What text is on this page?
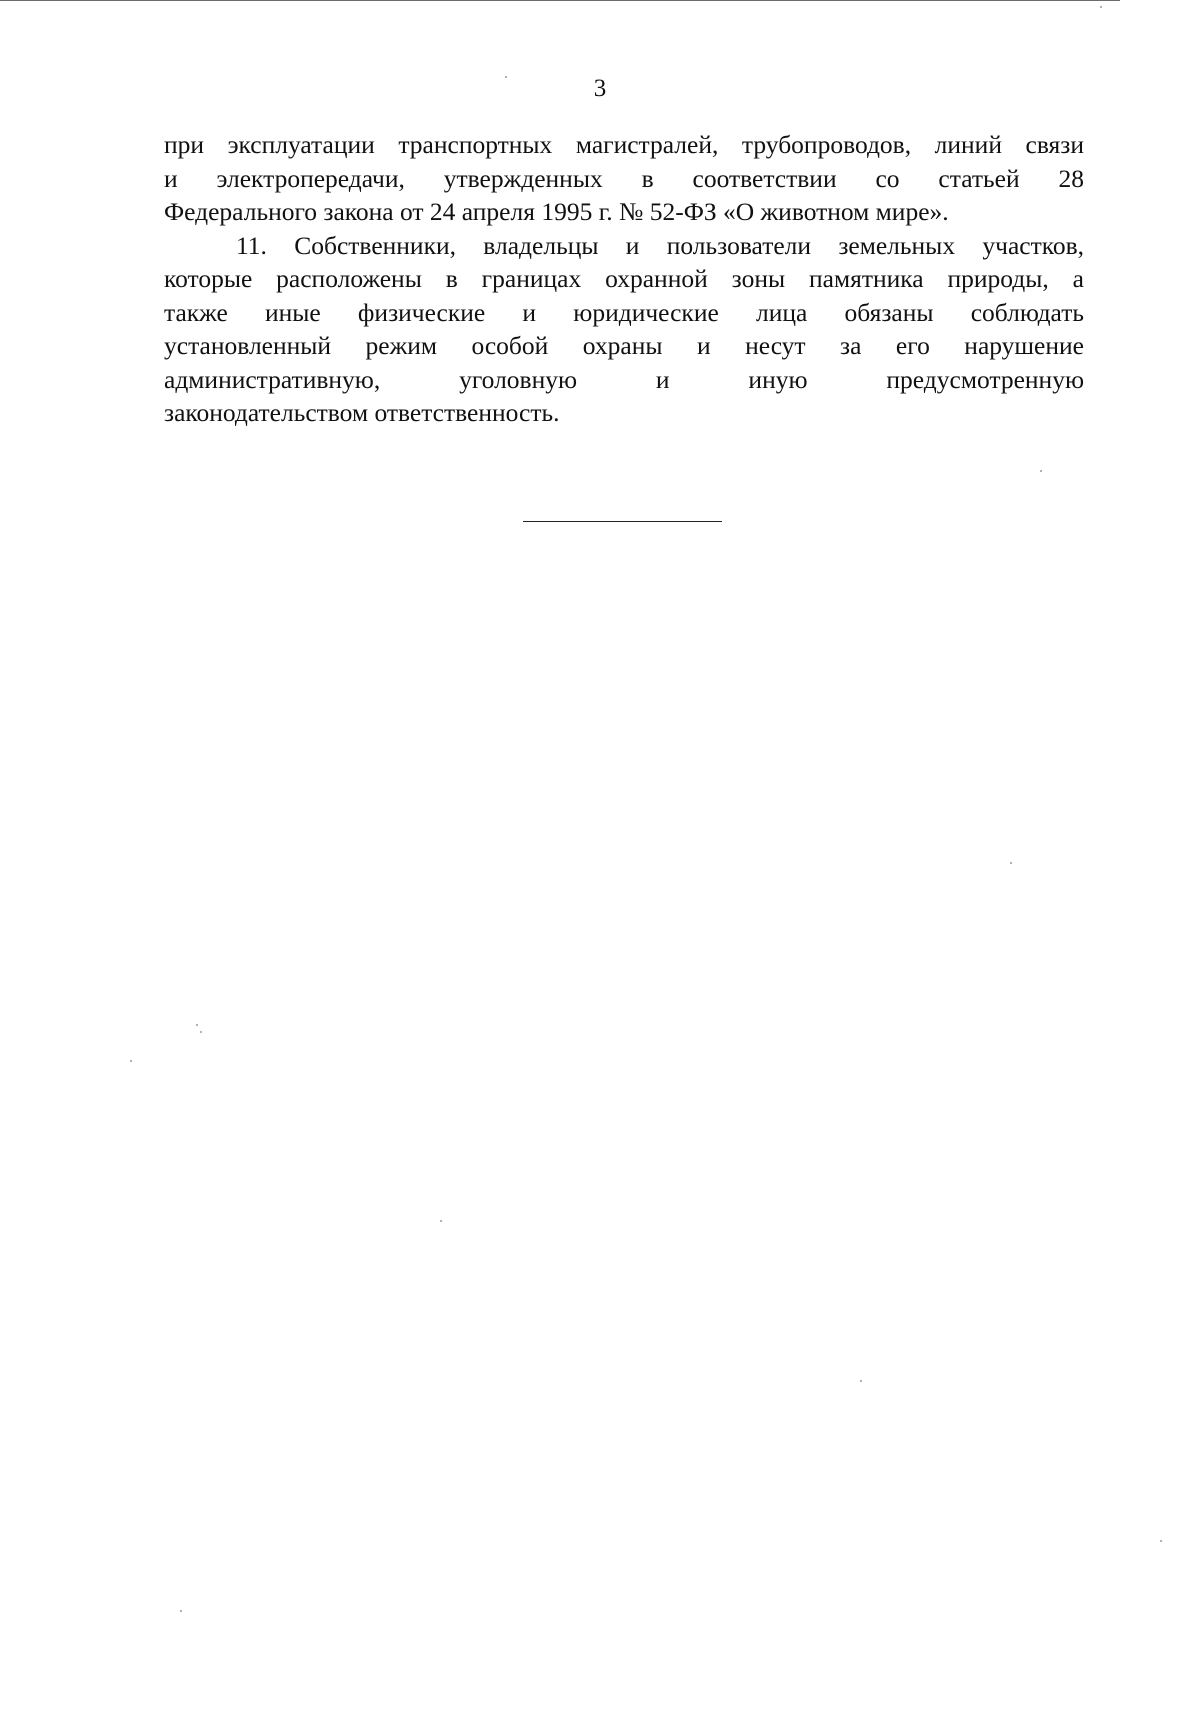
3
при эксплуатации транспортных магистралей, трубопроводов, линий связи
и электропередачи, утвержденных в соответствии со статьей 28
Федерального закона от 24 апреля 1995 г. № 52-ФЗ «О животном мире».
11. Собственники, владельцы и пользователи земельных участков,
которые расположены в границах охранной зоны памятника природы, а
также иные физические и юридические лица обязаны соблюдать
установленный режим особой охраны и несут за его нарушение
административную, уголовную и иную предусмотренную
законодательством ответственность.
